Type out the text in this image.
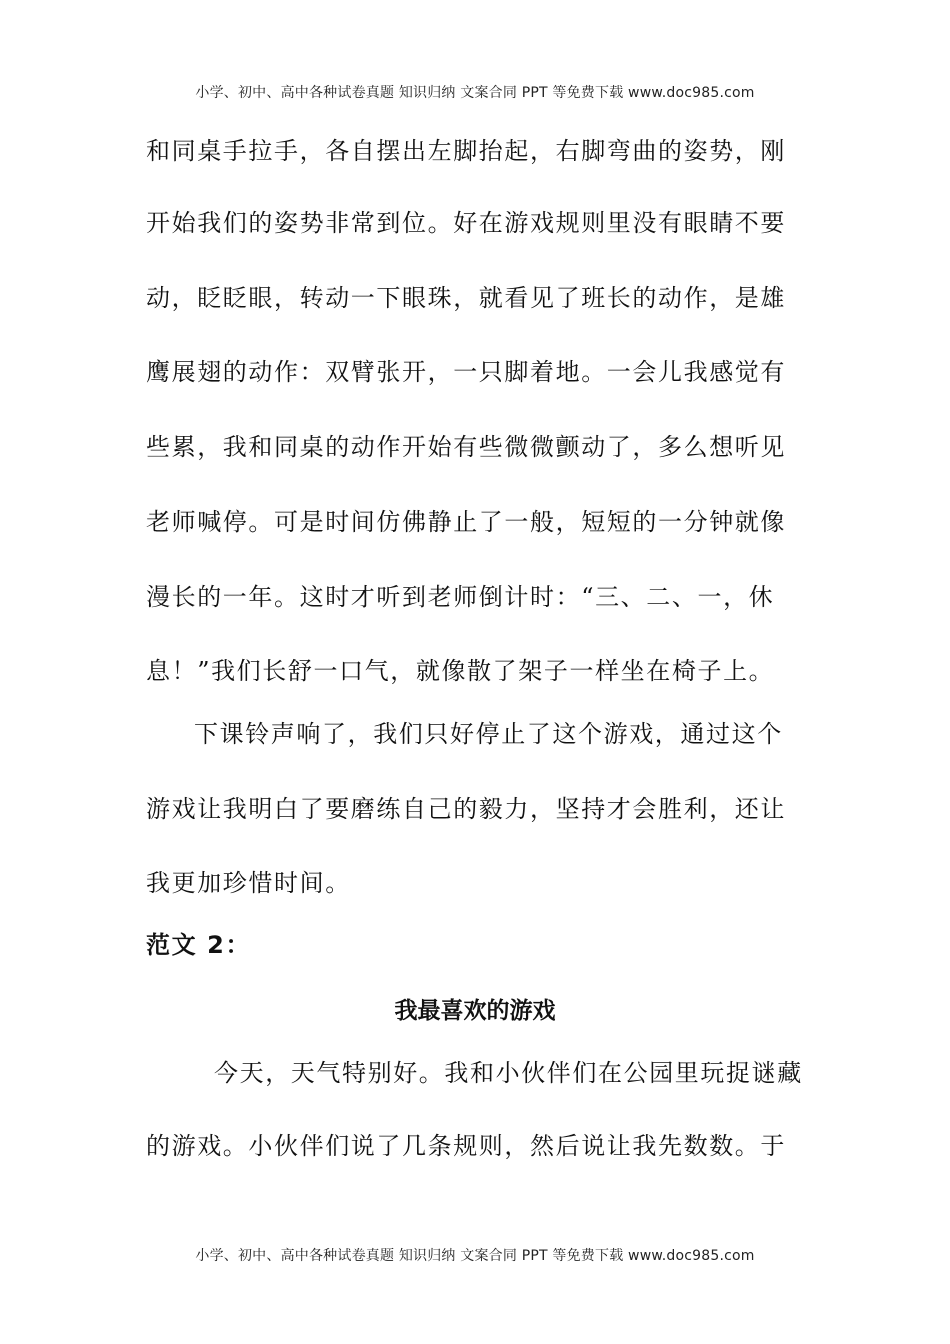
小学、初中、高中各种试卷真题 知识归纳 文案合同 PPT 等免费下载 www.doc985.com
和同桌手拉手，各自摆出左脚抬起，右脚弯曲的姿势，刚
开始我们的姿势非常到位。好在游戏规则里没有眼睛不要
动，眨眨眼，转动一下眼珠，就看见了班长的动作，是雄
鹰展翅的动作：双臂张开，一只脚着地。一会儿我感觉有
些累，我和同桌的动作开始有些微微颤动了，多么想听见
老师喊停。可是时间仿佛静止了一般，短短的一分钟就像
漫长的一年。这时才听到老师倒计时：“三、二、一，休
息！”我们长舒一口气，就像散了架子一样坐在椅子上。
下课铃声响了，我们只好停止了这个游戏，通过这个
游戏让我明白了要磨练自己的毅力，坚持才会胜利，还让
我更加珍惜时间。
范文 2：
我最喜欢的游戏
今天，天气特别好。我和小伙伴们在公园里玩捉谜藏
的游戏。小伙伴们说了几条规则，然后说让我先数数。于
小学、初中、高中各种试卷真题 知识归纳 文案合同 PPT 等免费下载 www.doc985.com
